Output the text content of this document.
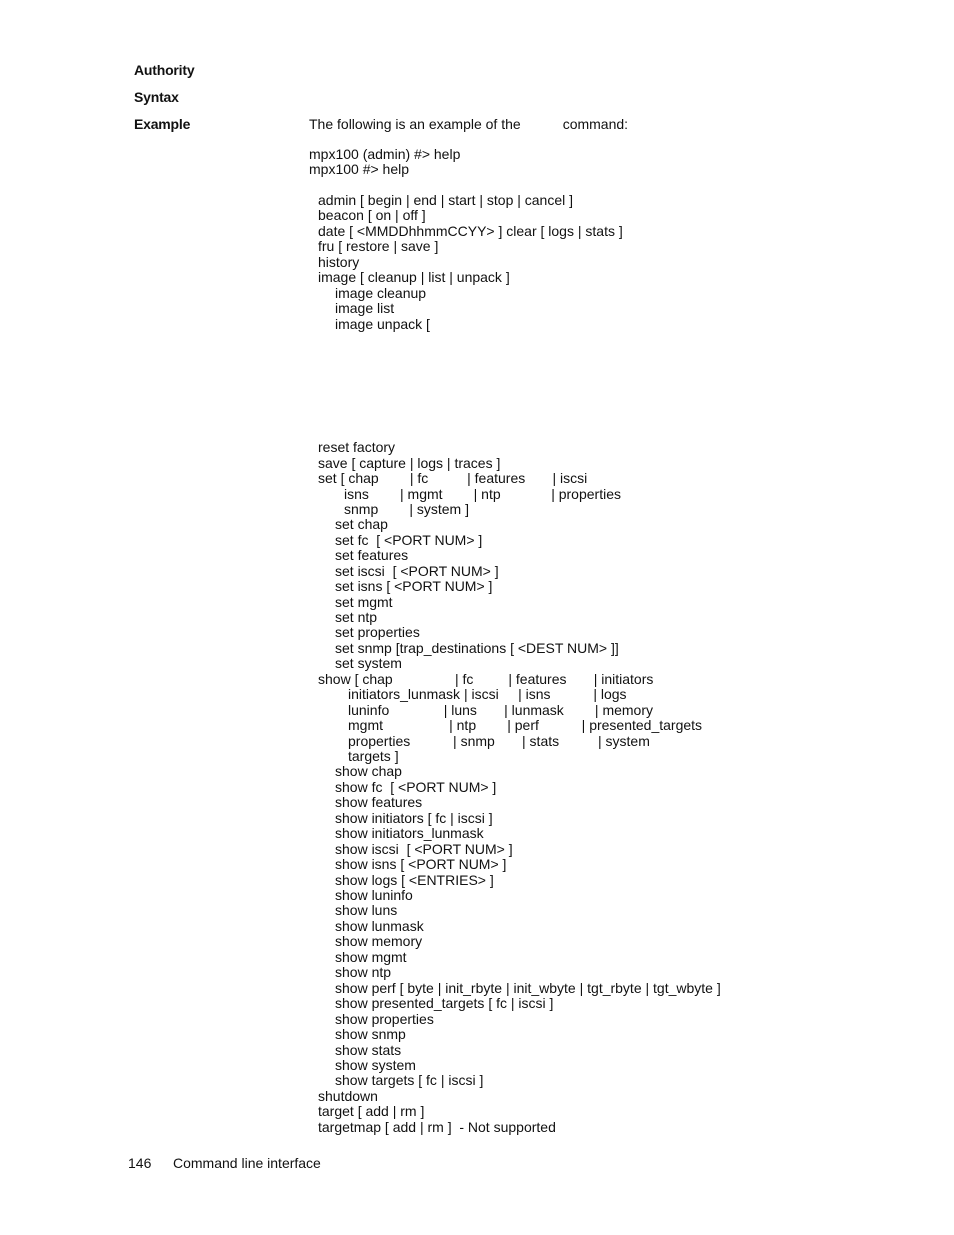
Authority
Syntax
Example	The following is an example of the	command:
mpx100 (admin) #> help
mpx100 #> help
admin [ begin | end | start | stop | cancel ]
beacon [ on | off ]
date [ <MMDDhhmmCCYY> ] clear [ logs | stats ]
fru [ restore | save ]
history
image [ cleanup | list | unpack ]
image cleanup
image list
image unpack [
reset factory
save [ capture | logs | traces ]
set [ chap        | fc          | features       | iscsi
isns        | mgmt        | ntp             | properties
snmp        | system ]
set chap
set fc  [ <PORT NUM> ]
set features
set iscsi  [ <PORT NUM> ]
set isns [ <PORT NUM> ]
set mgmt
set ntp
set properties
set snmp [trap_destinations [ <DEST NUM> ]]
set system
show [ chap                | fc         | features       | initiators
initiators_lunmask | iscsi     | isns           | logs
luninfo              | luns       | lunmask        | memory
mgmt                 | ntp        | perf           | presented_targets
properties           | snmp       | stats          | system
targets ]
show chap
show fc  [ <PORT NUM> ]
show features
show initiators [ fc | iscsi ]
show initiators_lunmask
show iscsi  [ <PORT NUM> ]
show isns [ <PORT NUM> ]
show logs [ <ENTRIES> ]
show luninfo
show luns
show lunmask
show memory
show mgmt
show ntp
show perf [ byte | init_rbyte | init_wbyte | tgt_rbyte | tgt_wbyte ]
show presented_targets [ fc | iscsi ]
show properties
show snmp
show stats
show system
show targets [ fc | iscsi ]
shutdown
target [ add | rm ]
targetmap [ add | rm ]  - Not supported
146 Command line interface
